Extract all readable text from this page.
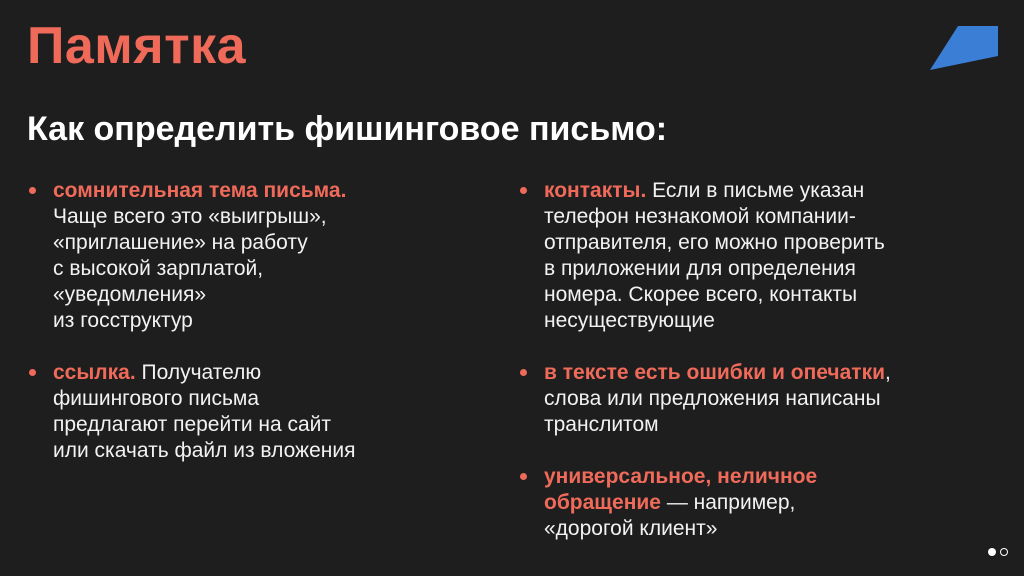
Памятка
Как определить фишинговое письмо:
сомнительная тема письма.
Чаще всего это «выигрыш»,
«приглашение» на работу
с высокой зарплатой,
«уведомления»
из госструктур
ссылка. Получателю
фишингового письма
предлагают перейти на сайт
или скачать файл из вложения
контакты. Если в письме указан
телефон незнакомой компании-
отправителя, его можно проверить
в приложении для определения
номера. Скорее всего, контакты
несуществующие
в тексте есть ошибки и опечатки,
слова или предложения написаны
транслитом
универсальное, неличное
обращение — например,
«дорогой клиент»
